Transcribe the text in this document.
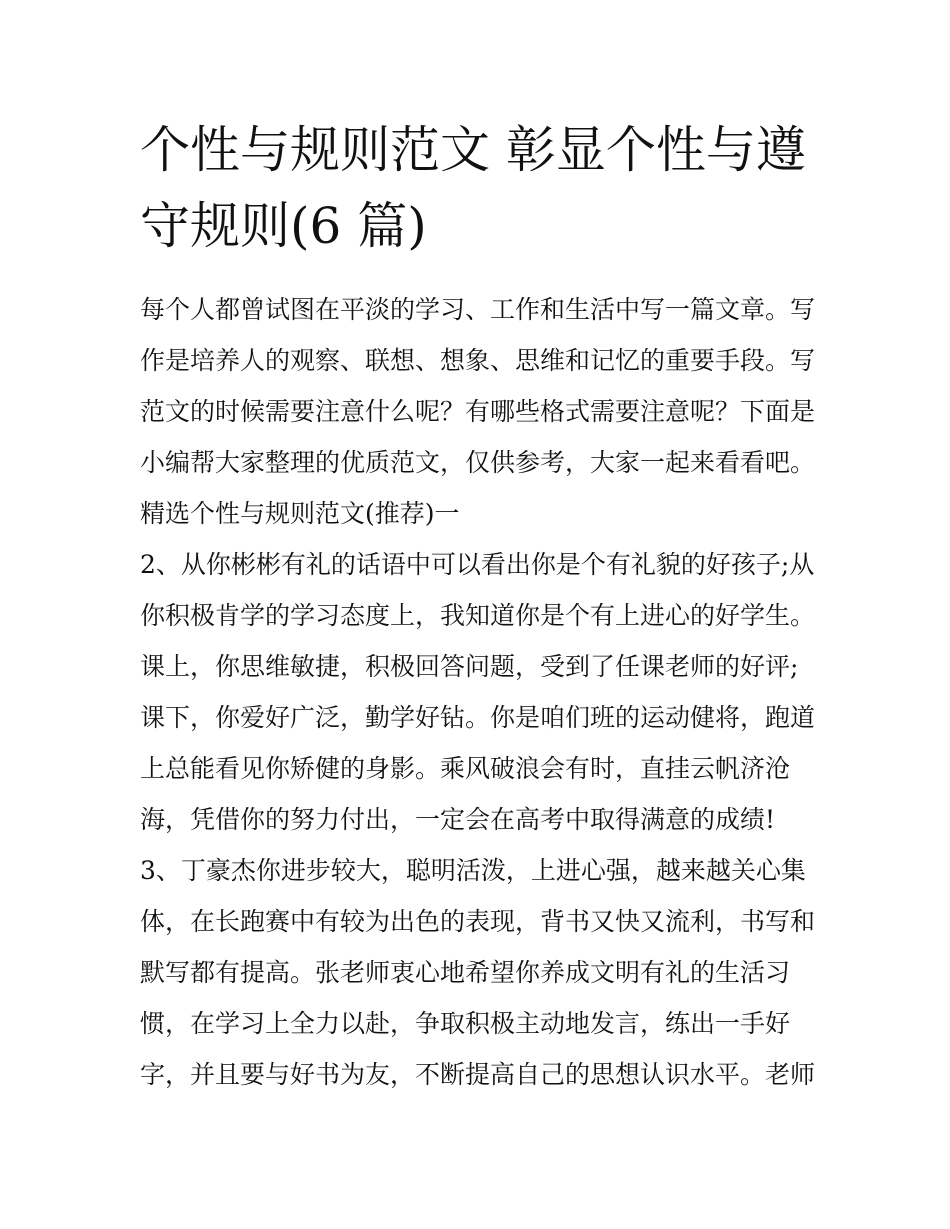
个性与规则范文 彰显个性与遵
守规则(6 篇)
每个人都曾试图在平淡的学习、工作和生活中写一篇文章。写
作是培养人的观察、联想、想象、思维和记忆的重要手段。写
范文的时候需要注意什么呢？有哪些格式需要注意呢？下面是
小编帮大家整理的优质范文，仅供参考，大家一起来看看吧。
精选个性与规则范文(推荐)一
2、从你彬彬有礼的话语中可以看出你是个有礼貌的好孩子;从
你积极肯学的学习态度上，我知道你是个有上进心的好学生。
课上，你思维敏捷，积极回答问题，受到了任课老师的好评;
课下，你爱好广泛，勤学好钻。你是咱们班的运动健将，跑道
上总能看见你矫健的身影。乘风破浪会有时，直挂云帆济沧
海，凭借你的努力付出，一定会在高考中取得满意的成绩!
3、丁豪杰你进步较大，聪明活泼，上进心强，越来越关心集
体，在长跑赛中有较为出色的表现，背书又快又流利，书写和
默写都有提高。张老师衷心地希望你养成文明有礼的生活习
惯，在学习上全力以赴，争取积极主动地发言，练出一手好
字，并且要与好书为友，不断提高自己的思想认识水平。老师
